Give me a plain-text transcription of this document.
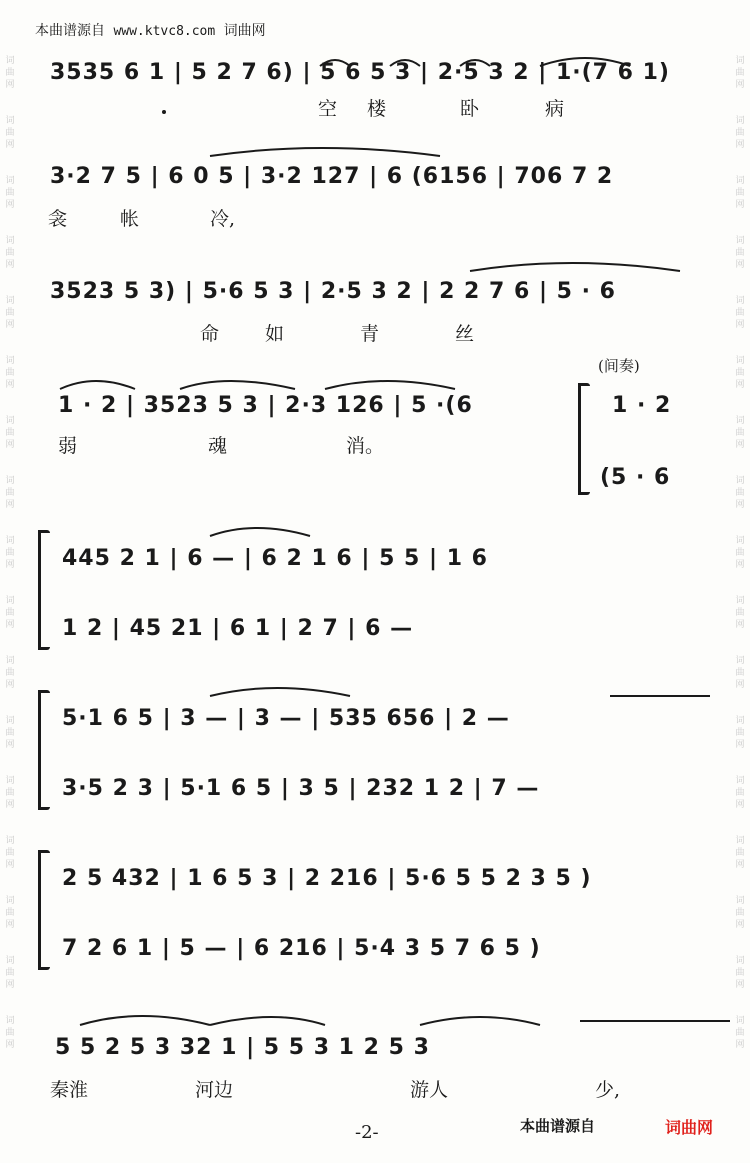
本曲谱源自 www.ktvc8.com 词曲网
词
曲
网
词
曲
网
词
曲
网
词
曲
网
词
曲
网
词
曲
网
词
曲
网
词
曲
网
词
曲
网
词
曲
网
词
曲
网
词
曲
网
词
曲
网
词
曲
网
词
曲
网
词
曲
网
词
曲
网
词
曲
网
词
曲
网
词
曲
网
词
曲
网
词
曲
网
词
曲
网
词
曲
网
词
曲
网
词
曲
网
词
曲
网
词
曲
网
词
曲
网
词
曲
网
词
曲
网
词
曲
网
词
曲
网
词
曲
网
3535 6 1 | 5 2 7 6) | 5 6 5 3 | 2·5 3 2 | 1·(7 6 1)
空楼 卧	病
3·2 7 5 | 6 0 5 | 3·2 127 | 6 (6156 | 706 7 2
衾	帐	冷,
3523 5 3) | 5·6 5 3 | 2·5 3 2 | 2 2 7 6 | 5 · 6
命 如	青	丝
(间奏)
1 · 2 | 3523 5 3 | 2·3 126 | 5 ·(6
弱	魂	消。
1 · 2
(5 · 6
445 2 1 | 6 — | 6 2 1 6 | 5 5 | 1 6
1 2 | 45 21 | 6 1 | 2 7 | 6 —
5·1 6 5 | 3 — | 3 — | 535 656 | 2 —
3·5 2 3 | 5·1 6 5 | 3 5 | 232 1 2 | 7 —
2 5 432 | 1 6 5 3 | 2 216 | 5·6 5 5 2 3 5 )
7 2 6 1 | 5 — | 6 216 | 5·4 3 5 7 6 5 )
5 5 2 5 3 32 1 | 5 5 3 1 2 5 3
秦淮	河边	游人	少,
-2-	本曲谱源自	词曲网
